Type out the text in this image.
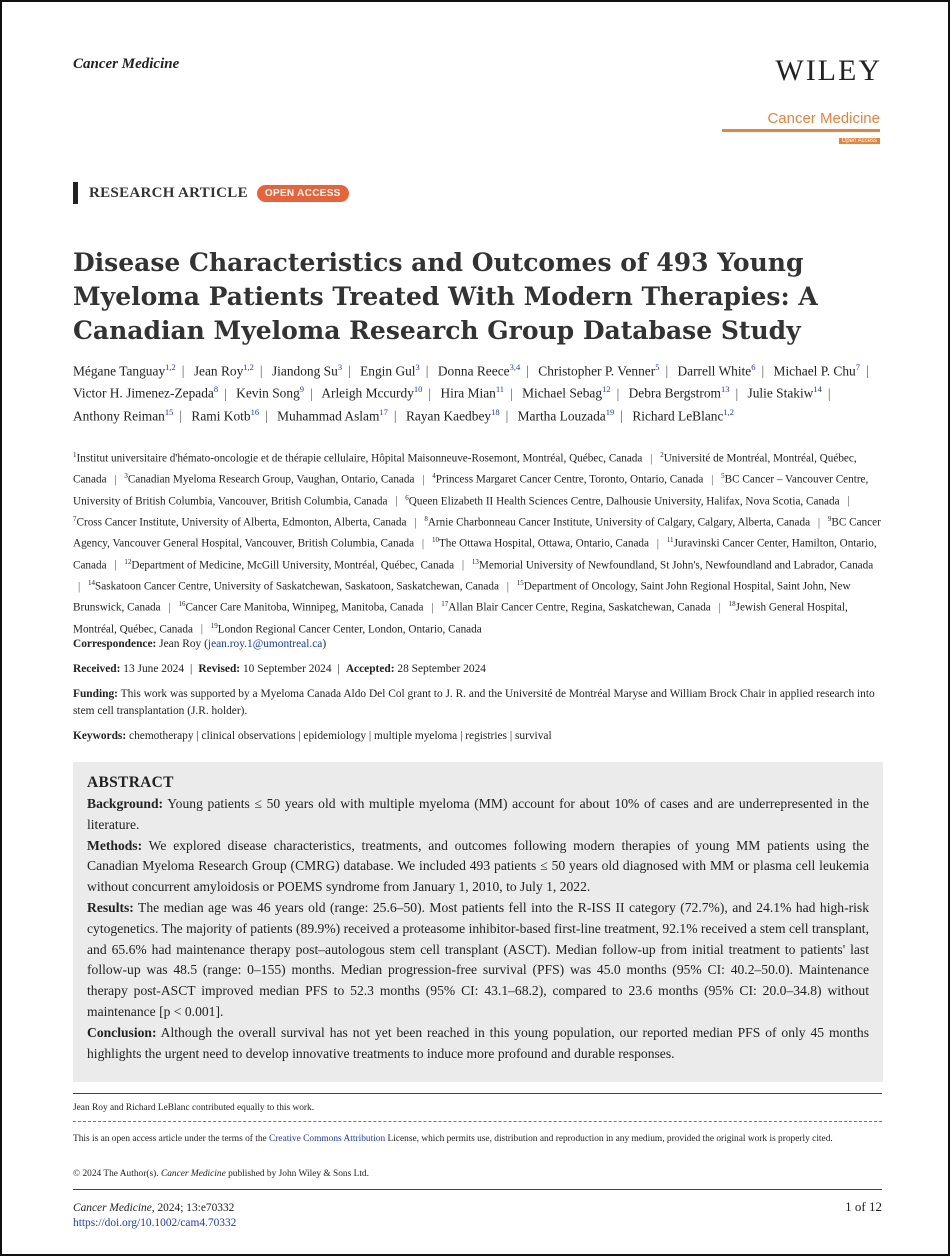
Cancer Medicine	WILEY
Cancer Medicine
Open Access
RESEARCH ARTICLE	OPEN ACCESS
Disease Characteristics and Outcomes of 493 Young Myeloma Patients Treated With Modern Therapies: A Canadian Myeloma Research Group Database Study
Mégane Tanguay$^{1,2}$ | Jean Roy$^{1,2}$ | Jiandong Su$^3$ | Engin Gul$^3$ | Donna Reece$^{3,4}$ | Christopher P. Venner$^5$ | Darrell White$^6$ | Michael P. Chu$^7$ | Victor H. Jimenez-Zepada$^8$ | Kevin Song$^9$ | Arleigh Mccurdy$^{10}$ | Hira Mian$^{11}$ | Michael Sebag$^{12}$ | Debra Bergstrom$^{13}$ | Julie Stakiw$^{14}$ | Anthony Reiman$^{15}$ | Rami Kotb$^{16}$ | Muhammad Aslam$^{17}$ | Rayan Kaedbey$^{18}$ | Martha Louzada$^{19}$ | Richard LeBlanc$^{1,2}$
$^1$Institut universitaire d'hémato-oncologie et de thérapie cellulaire, Hôpital Maisonneuve-Rosemont, Montréal, Québec, Canada | $^2$Université de Montréal, Montréal, Québec, Canada | $^3$Canadian Myeloma Research Group, Vaughan, Ontario, Canada | $^4$Princess Margaret Cancer Centre, Toronto, Ontario, Canada | $^5$BC Cancer – Vancouver Centre, University of British Columbia, Vancouver, British Columbia, Canada | $^6$Queen Elizabeth II Health Sciences Centre, Dalhousie University, Halifax, Nova Scotia, Canada | $^7$Cross Cancer Institute, University of Alberta, Edmonton, Alberta, Canada | $^8$Arnie Charbonneau Cancer Institute, University of Calgary, Calgary, Alberta, Canada | $^9$BC Cancer Agency, Vancouver General Hospital, Vancouver, British Columbia, Canada | $^{10}$The Ottawa Hospital, Ottawa, Ontario, Canada | $^{11}$Juravinski Cancer Center, Hamilton, Ontario, Canada | $^{12}$Department of Medicine, McGill University, Montréal, Québec, Canada | $^{13}$Memorial University of Newfoundland, St John's, Newfoundland and Labrador, Canada | $^{14}$Saskatoon Cancer Centre, University of Saskatchewan, Saskatoon, Saskatchewan, Canada | $^{15}$Department of Oncology, Saint John Regional Hospital, Saint John, New Brunswick, Canada | $^{16}$Cancer Care Manitoba, Winnipeg, Manitoba, Canada | $^{17}$Allan Blair Cancer Centre, Regina, Saskatchewan, Canada | $^{18}$Jewish General Hospital, Montréal, Québec, Canada | $^{19}$London Regional Cancer Center, London, Ontario, Canada
Correspondence: Jean Roy (jean.roy.1@umontreal.ca)
Received: 13 June 2024 | Revised: 10 September 2024 | Accepted: 28 September 2024
Funding: This work was supported by a Myeloma Canada Aldo Del Col grant to J. R. and the Université de Montréal Maryse and William Brock Chair in applied research into stem cell transplantation (J.R. holder).
Keywords: chemotherapy | clinical observations | epidemiology | multiple myeloma | registries | survival
ABSTRACT

Background: Young patients ≤ 50 years old with multiple myeloma (MM) account for about 10% of cases and are underrepresented in the literature.

Methods: We explored disease characteristics, treatments, and outcomes following modern therapies of young MM patients using the Canadian Myeloma Research Group (CMRG) database. We included 493 patients ≤ 50 years old diagnosed with MM or plasma cell leukemia without concurrent amyloidosis or POEMS syndrome from January 1, 2010, to July 1, 2022.

Results: The median age was 46 years old (range: 25.6–50). Most patients fell into the R-ISS II category (72.7%), and 24.1% had high-risk cytogenetics. The majority of patients (89.9%) received a proteasome inhibitor-based first-line treatment, 92.1% received a stem cell transplant, and 65.6% had maintenance therapy post–autologous stem cell transplant (ASCT). Median follow-up from initial treatment to patients' last follow-up was 48.5 (range: 0–155) months. Median progression-free survival (PFS) was 45.0 months (95% CI: 40.2–50.0). Maintenance therapy post-ASCT improved median PFS to 52.3 months (95% CI: 43.1–68.2), compared to 23.6 months (95% CI: 20.0–34.8) without maintenance [p < 0.001].

Conclusion: Although the overall survival has not yet been reached in this young population, our reported median PFS of only 45 months highlights the urgent need to develop innovative treatments to induce more profound and durable responses.

Jean Roy and Richard LeBlanc contributed equally to this work.
This is an open access article under the terms of the Creative Commons Attribution License, which permits use, distribution and reproduction in any medium, provided the original work is properly cited.
© 2024 The Author(s). Cancer Medicine published by John Wiley & Sons Ltd.
Cancer Medicine, 2024; 13:e70332
https://doi.org/10.1002/cam4.70332
1 of 12
